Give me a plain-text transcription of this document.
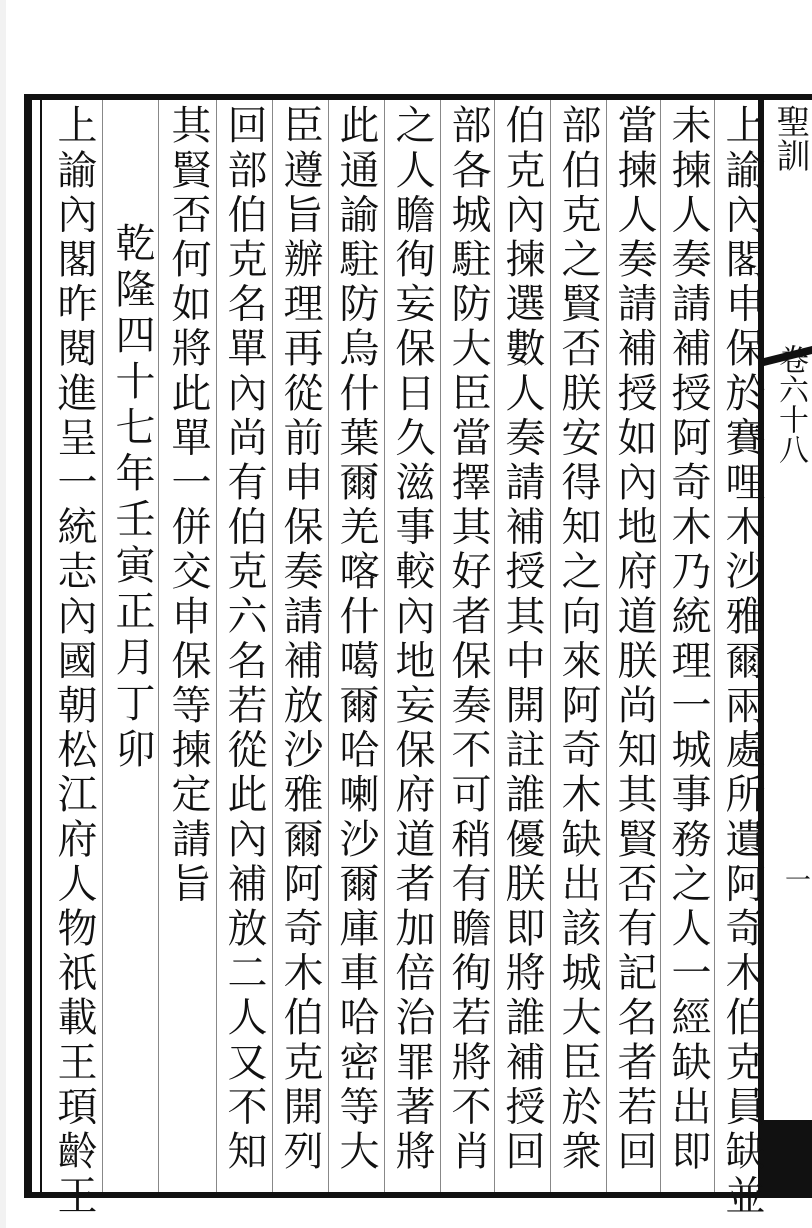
聖訓
卷六十八
一
上諭內閣申保於賽哩木沙雅爾兩處所遺阿奇木伯克員缺並
未揀人奏請補授阿奇木乃統理一城事務之人一經缺出即
當揀人奏請補授如內地府道朕尚知其賢否有記名者若回
部伯克之賢否朕安得知之向來阿奇木缺出該城大臣於衆
伯克內揀選數人奏請補授其中開註誰優朕即將誰補授回
部各城駐防大臣當擇其好者保奏不可稍有瞻徇若將不肖
之人瞻徇妄保日久滋事較內地妄保府道者加倍治罪著將
此通諭駐防烏什葉爾羌喀什噶爾哈喇沙爾庫車哈密等大
臣遵旨辦理再從前申保奏請補放沙雅爾阿奇木伯克開列
回部伯克名單內尚有伯克六名若從此內補放二人又不知
其賢否何如將此單一併交申保等揀定請旨
乾隆四十七年壬寅正月丁卯
上諭內閣昨閱進呈一統志內國朝松江府人物祇載王頊齡王
